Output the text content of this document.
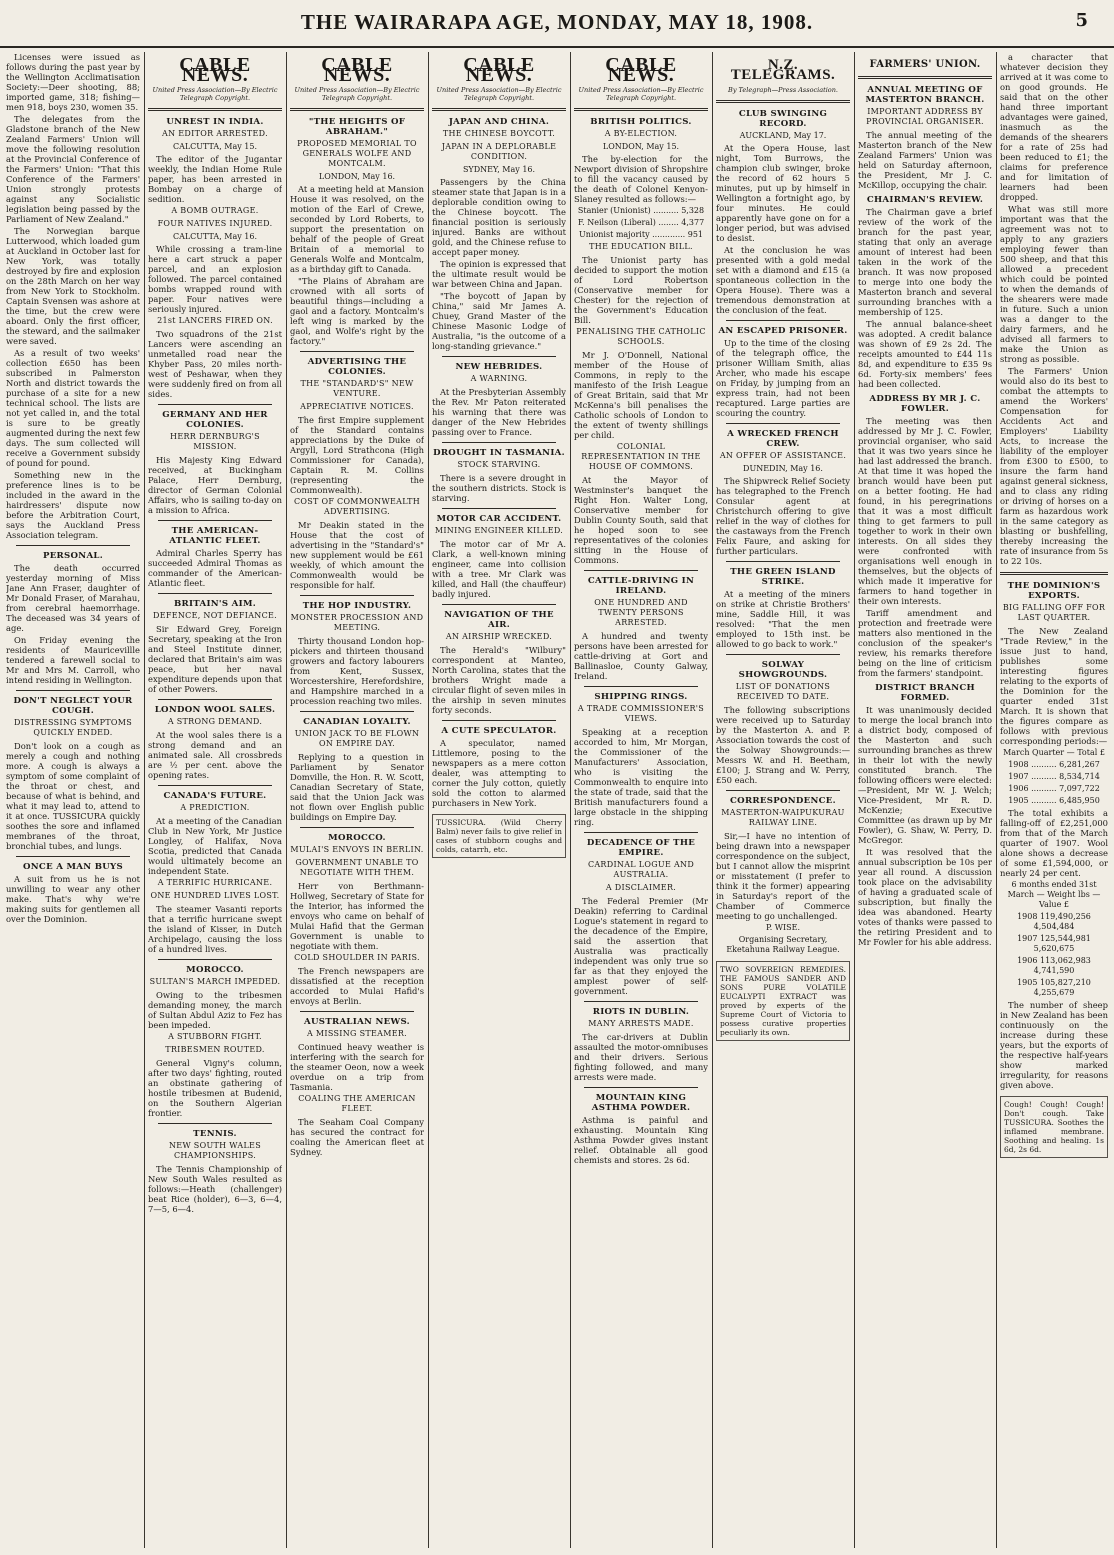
THE WAIRARAPA AGE, MONDAY, MAY 18, 1908.	5

Licenses were issued as follows during the past year by the Wellington Acclimatisation Society:—Deer shooting, 88; imported game, 318; fishing—men 918, boys 230, women 35.

The delegates from the Gladstone branch of the New Zealand Farmers' Union will move the following resolution at the Provincial Conference of the Farmers' Union: "That this Conference of the Farmers' Union strongly protests against any Socialistic legislation being passed by the Parliament of New Zealand."

The Norwegian barque Lutterwood, which loaded gum at Auckland in October last for New York, was totally destroyed by fire and explosion on the 28th March on her way from New York to Stockholm. Captain Svensen was ashore at the time, but the crew were aboard. Only the first officer, the steward, and the sailmaker were saved.

As a result of two weeks' collection £650 has been subscribed in Palmerston North and district towards the purchase of a site for a new technical school. The lists are not yet called in, and the total is sure to be greatly augmented during the next few days. The sum collected will receive a Government subsidy of pound for pound.

Something new in the preference lines is to be included in the award in the hairdressers' dispute now before the Arbitration Court, says the Auckland Press Association telegram.

PERSONAL.

The death occurred yesterday morning of Miss Jane Ann Fraser, daughter of Mr Donald Fraser, of Marahau, from cerebral haemorrhage. The deceased was 34 years of age.

On Friday evening the residents of Mauricevillle tendered a farewell social to Mr and Mrs M. Carroll, who intend residing in Wellington.

DON'T NEGLECT YOUR COUGH.
DISTRESSING SYMPTOMS QUICKLY ENDED.

Don't look on a cough as merely a cough and nothing more. A cough is always a symptom of some complaint of the throat or chest, and because of what is behind, and what it may lead to, attend to it at once. TUSSICURA quickly soothes the sore and inflamed membranes of the throat, bronchial tubes, and lungs.

ONCE A MAN BUYS

A suit from us he is not unwilling to wear any other make. That's why we're making suits for gentlemen all over the Dominion.

CABLE NEWS.
United Press Association—By Electric Telegraph Copyright.
UNREST IN INDIA.
AN EDITOR ARRESTED.
CALCUTTA, May 15.

The editor of the Jugantar weekly, the Indian Home Rule paper, has been arrested in Bombay on a charge of sedition.

A BOMB OUTRAGE.
FOUR NATIVES INJURED.
CALCUTTA, May 16.

While crossing a tram-line here a cart struck a paper parcel, and an explosion followed. The parcel contained bombs wrapped round with paper. Four natives were seriously injured.

21st LANCERS FIRED ON.

Two squadrons of the 21st Lancers were ascending an unmetalled road near the Khyber Pass, 20 miles north-west of Peshawar, when they were suddenly fired on from all sides.

GERMANY AND HER COLONIES.
HERR DERNBURG'S MISSION.

His Majesty King Edward received, at Buckingham Palace, Herr Dernburg, director of German Colonial Affairs, who is sailing to-day on a mission to Africa.

THE AMERICAN-ATLANTIC FLEET.

Admiral Charles Sperry has succeeded Admiral Thomas as commander of the American-Atlantic fleet.

BRITAIN'S AIM.
DEFENCE, NOT DEFIANCE.

Sir Edward Grey, Foreign Secretary, speaking at the Iron and Steel Institute dinner, declared that Britain's aim was peace, but her naval expenditure depends upon that of other Powers.

LONDON WOOL SALES.
A STRONG DEMAND.

At the wool sales there is a strong demand and an animated sale. All crossbreds are ½ per cent. above the opening rates.

CANADA'S FUTURE.
A PREDICTION.

At a meeting of the Canadian Club in New York, Mr Justice Longley, of Halifax, Nova Scotia, predicted that Canada would ultimately become an independent State.

A TERRIFIC HURRICANE.
ONE HUNDRED LIVES LOST.

The steamer Vasanti reports that a terrific hurricane swept the island of Kisser, in Dutch Archipelago, causing the loss of a hundred lives.

MOROCCO.
SULTAN'S MARCH IMPEDED.

Owing to the tribesmen demanding money, the march of Sultan Abdul Aziz to Fez has been impeded.

A STUBBORN FIGHT.
TRIBESMEN ROUTED.

General Vigny's column, after two days' fighting, routed an obstinate gathering of hostile tribesmen at Budenid, on the Southern Algerian frontier.

TENNIS.
NEW SOUTH WALES CHAMPIONSHIPS.

The Tennis Championship of New South Wales resulted as follows:—Heath (challenger) beat Rice (holder), 6—3, 6—4, 7—5, 6—4.

CABLE NEWS.
United Press Association—By Electric Telegraph Copyright.
"THE HEIGHTS OF ABRAHAM."
PROPOSED MEMORIAL TO GENERALS WOLFE AND MONTCALM.
LONDON, May 16.

At a meeting held at Mansion House it was resolved, on the motion of the Earl of Crewe, seconded by Lord Roberts, to support the presentation on behalf of the people of Great Britain of a memorial to Generals Wolfe and Montcalm, as a birthday gift to Canada.

"The Plains of Abraham are crowned with all sorts of beautiful things—including a gaol and a factory. Montcalm's left wing is marked by the gaol, and Wolfe's right by the factory."

ADVERTISING THE COLONIES.
THE "STANDARD'S" NEW VENTURE.
APPRECIATIVE NOTICES.

The first Empire supplement of the Standard contains appreciations by the Duke of Argyll, Lord Strathcona (High Commissioner for Canada), Captain R. M. Collins (representing the Commonwealth).

COST OF COMMONWEALTH ADVERTISING.

Mr Deakin stated in the House that the cost of advertising in the "Standard's" new supplement would be £61 weekly, of which amount the Commonwealth would be responsible for half.

THE HOP INDUSTRY.
MONSTER PROCESSION AND MEETING.

Thirty thousand London hop-pickers and thirteen thousand growers and factory labourers from Kent, Sussex, Worcestershire, Herefordshire, and Hampshire marched in a procession reaching two miles.

CANADIAN LOYALTY.
UNION JACK TO BE FLOWN ON EMPIRE DAY.

Replying to a question in Parliament by Senator Domville, the Hon. R. W. Scott, Canadian Secretary of State, said that the Union Jack was not flown over English public buildings on Empire Day.

MOROCCO.
MULAI'S ENVOYS IN BERLIN.
GOVERNMENT UNABLE TO NEGOTIATE WITH THEM.

Herr von Berthmann-Hollweg, Secretary of State for the Interior, has informed the envoys who came on behalf of Mulai Hafid that the German Government is unable to negotiate with them.

COLD SHOULDER IN PARIS.

The French newspapers are dissatisfied at the reception accorded to Mulai Hafid's envoys at Berlin.

AUSTRALIAN NEWS.
A MISSING STEAMER.

Continued heavy weather is interfering with the search for the steamer Oeon, now a week overdue on a trip from Tasmania.

COALING THE AMERICAN FLEET.

The Seaham Coal Company has secured the contract for coaling the American fleet at Sydney.

CABLE NEWS.
United Press Association—By Electric Telegraph Copyright.
JAPAN AND CHINA.
THE CHINESE BOYCOTT.
JAPAN IN A DEPLORABLE CONDITION.
SYDNEY, May 16.

Passengers by the China steamer state that Japan is in a deplorable condition owing to the Chinese boycott. The financial position is seriously injured. Banks are without gold, and the Chinese refuse to accept paper money.

The opinion is expressed that the ultimate result would be war between China and Japan.

"The boycott of Japan by China," said Mr James A. Chuey, Grand Master of the Chinese Masonic Lodge of Australia, "is the outcome of a long-standing grievance."

NEW HEBRIDES.
A WARNING.

At the Presbyterian Assembly the Rev. Mr Paton reiterated his warning that there was danger of the New Hebrides passing over to France.

DROUGHT IN TASMANIA.
STOCK STARVING.

There is a severe drought in the southern districts. Stock is starving.

MOTOR CAR ACCIDENT.
MINING ENGINEER KILLED.

The motor car of Mr A. Clark, a well-known mining engineer, came into collision with a tree. Mr Clark was killed, and Hall (the chauffeur) badly injured.

NAVIGATION OF THE AIR.
AN AIRSHIP WRECKED.

The Herald's "Wilbury" correspondent at Manteo, North Carolina, states that the brothers Wright made a circular flight of seven miles in the airship in seven minutes forty seconds.

A CUTE SPECULATOR.

A speculator, named Littlemore, posing to the newspapers as a mere cotton dealer, was attempting to corner the July cotton, quietly sold the cotton to alarmed purchasers in New York.

TUSSICURA. (Wild Cherry Balm) never fails to give relief in cases of stubborn coughs and colds, catarrh, etc.
CABLE NEWS.
United Press Association—By Electric Telegraph Copyright.
BRITISH POLITICS.
A BY-ELECTION.
LONDON, May 15.

The by-election for the Newport division of Shropshire to fill the vacancy caused by the death of Colonel Kenyon-Slaney resulted as follows:—

Stanier (Unionist) .......... 5,328
F. Neilson (Liberal) ........ 4,377
Unionist majority ............. 951
THE EDUCATION BILL.

The Unionist party has decided to support the motion of Lord Robertson (Conservative member for Chester) for the rejection of the Government's Education Bill.

PENALISING THE CATHOLIC SCHOOLS.

Mr J. O'Donnell, National member of the House of Commons, in reply to the manifesto of the Irish League of Great Britain, said that Mr McKenna's bill penalises the Catholic schools of London to the extent of twenty shillings per child.

COLONIAL REPRESENTATION IN THE HOUSE OF COMMONS.

At the Mayor of Westminster's banquet the Right Hon. Walter Long, Conservative member for Dublin County South, said that he hoped soon to see representatives of the colonies sitting in the House of Commons.

CATTLE-DRIVING IN IRELAND.
ONE HUNDRED AND TWENTY PERSONS ARRESTED.

A hundred and twenty persons have been arrested for cattle-driving at Gort and Ballinasloe, County Galway, Ireland.

SHIPPING RINGS.
A TRADE COMMISSIONER'S VIEWS.

Speaking at a reception accorded to him, Mr Morgan, the Commissioner of the Manufacturers' Association, who is visiting the Commonwealth to enquire into the state of trade, said that the British manufacturers found a large obstacle in the shipping ring.

DECADENCE OF THE EMPIRE.
CARDINAL LOGUE AND AUSTRALIA.
A DISCLAIMER.

The Federal Premier (Mr Deakin) referring to Cardinal Logue's statement in regard to the decadence of the Empire, said the assertion that Australia was practically independent was only true so far as that they enjoyed the amplest power of self-government.

RIOTS IN DUBLIN.
MANY ARRESTS MADE.

The car-drivers at Dublin assaulted the motor-omnibuses and their drivers. Serious fighting followed, and many arrests were made.

MOUNTAIN KING ASTHMA POWDER.

Asthma is painful and exhausting. Mountain King Asthma Powder gives instant relief. Obtainable all good chemists and stores. 2s 6d.

N.Z. TELEGRAMS.
By Telegraph—Press Association.
CLUB SWINGING RECORD.
AUCKLAND, May 17.

At the Opera House, last night, Tom Burrows, the champion club swinger, broke the record of 62 hours 5 minutes, put up by himself in Wellington a fortnight ago, by four minutes. He could apparently have gone on for a longer period, but was advised to desist.

At the conclusion he was presented with a gold medal set with a diamond and £15 (a spontaneous collection in the Opera House). There was a tremendous demonstration at the conclusion of the feat.

AN ESCAPED PRISONER.

Up to the time of the closing of the telegraph office, the prisoner William Smith, alias Archer, who made his escape on Friday, by jumping from an express train, had not been recaptured. Large parties are scouring the country.

A WRECKED FRENCH CREW.
AN OFFER OF ASSISTANCE.
DUNEDIN, May 16.

The Shipwreck Relief Society has telegraphed to the French Consular agent at Christchurch offering to give relief in the way of clothes for the castaways from the French Felix Faure, and asking for further particulars.

THE GREEN ISLAND STRIKE.

At a meeting of the miners on strike at Christie Brothers' mine, Saddle Hill, it was resolved: "That the men employed to 15th inst. be allowed to go back to work."

SOLWAY SHOWGROUNDS.
LIST OF DONATIONS RECEIVED TO DATE.

The following subscriptions were received up to Saturday by the Masterton A. and P. Association towards the cost of the Solway Showgrounds:—Messrs W. and H. Beetham, £100; J. Strang and W. Perry, £50 each.

CORRESPONDENCE.
MASTERTON-WAIPUKURAU RAILWAY LINE.

Sir,—I have no intention of being drawn into a newspaper correspondence on the subject, but I cannot allow the misprint or misstatement (I prefer to think it the former) appearing in Saturday's report of the Chamber of Commerce meeting to go unchallenged.

P. WISE.
Organising Secretary, Eketahuna Railway League.
TWO SOVEREIGN REMEDIES. THE FAMOUS SANDER AND SONS PURE VOLATILE EUCALYPTI EXTRACT was proved by experts of the Supreme Court of Victoria to possess curative properties peculiarly its own.
FARMERS' UNION.
ANNUAL MEETING OF MASTERTON BRANCH.
IMPORTANT ADDRESS BY PROVINCIAL ORGANISER.

The annual meeting of the Masterton branch of the New Zealand Farmers' Union was held on Saturday afternoon, the President, Mr J. C. McKillop, occupying the chair.

CHAIRMAN'S REVIEW.

The Chairman gave a brief review of the work of the branch for the past year, stating that only an average amount of interest had been taken in the work of the branch. It was now proposed to merge into one body the Masterton branch and several surrounding branches with a membership of 125.

The annual balance-sheet was adopted. A credit balance was shown of £9 2s 2d. The receipts amounted to £44 11s 8d, and expenditure to £35 9s 6d. Forty-six members' fees had been collected.

ADDRESS BY MR J. C. FOWLER.

The meeting was then addressed by Mr J. C. Fowler, provincial organiser, who said that it was two years since he had last addressed the branch. At that time it was hoped the branch would have been put on a better footing. He had found, in his peregrinations that it was a most difficult thing to get farmers to pull together to work in their own interests. On all sides they were confronted with organisations well enough in themselves, but the objects of which made it imperative for farmers to hand together in their own interests.

Tariff amendment and protection and freetrade were matters also mentioned in the conclusion of the speaker's review, his remarks therefore being on the line of criticism from the farmers' standpoint.

DISTRICT BRANCH FORMED.

It was unanimously decided to merge the local branch into a district body, composed of the Masterton and such surrounding branches as threw in their lot with the newly constituted branch. The following officers were elected:—President, Mr W. J. Welch; Vice-President, Mr R. D. McKenzie; Executive Committee (as drawn up by Mr Fowler), G. Shaw, W. Perry, D. McGregor.

It was resolved that the annual subscription be 10s per year all round. A discussion took place on the advisability of having a graduated scale of subscription, but finally the idea was abandoned. Hearty votes of thanks were passed to the retiring President and to Mr Fowler for his able address.

a character that whatever decision they arrived at it was come to on good grounds. He said that on the other hand three important advantages were gained, inasmuch as the demands of the shearers for a rate of 25s had been reduced to £1; the claims for preference and for limitation of learners had been dropped.

What was still more important was that the agreement was not to apply to any graziers employing fewer than 500 sheep, and that this allowed a precedent which could be pointed to when the demands of the shearers were made in future. Such a union was a danger to the dairy farmers, and he advised all farmers to make the Union as strong as possible.

The Farmers' Union would also do its best to combat the attempts to amend the Workers' Compensation for Accidents Act and Employers' Liability Acts, to increase the liability of the employer from £300 to £500, to insure the farm hand against general sickness, and to class any riding or driving of horses on a farm as hazardous work in the same category as blasting or bushfelling, thereby increasing the rate of insurance from 5s to 22 10s.

THE DOMINION'S EXPORTS.
BIG FALLING OFF FOR LAST QUARTER.

The New Zealand "Trade Review," in the issue just to hand, publishes some interesting figures relating to the exports of the Dominion for the quarter ended 31st March. It is shown that the figures compare as follows with previous corresponding periods:—

March Quarter — Total £
1908 .......... 6,281,267
1907 .......... 8,534,714
1906 .......... 7,097,722
1905 .......... 6,485,950

The total exhibits a falling-off of £2,251,000 from that of the March quarter of 1907. Wool alone shows a decrease of some £1,594,000, or nearly 24 per cent.

6 months ended 31st March — Weight lbs — Value £
1908 119,490,256 4,504,484
1907 125,544,981 5,620,675
1906 113,062,983 4,741,590
1905 105,827,210 4,255,679

The number of sheep in New Zealand has been continuously on the increase during these years, but the exports of the respective half-years show marked irregularity, for reasons given above.

Cough! Cough! Cough! Don't cough. Take TUSSICURA. Soothes the inflamed membrane. Soothing and healing. 1s 6d, 2s 6d.
